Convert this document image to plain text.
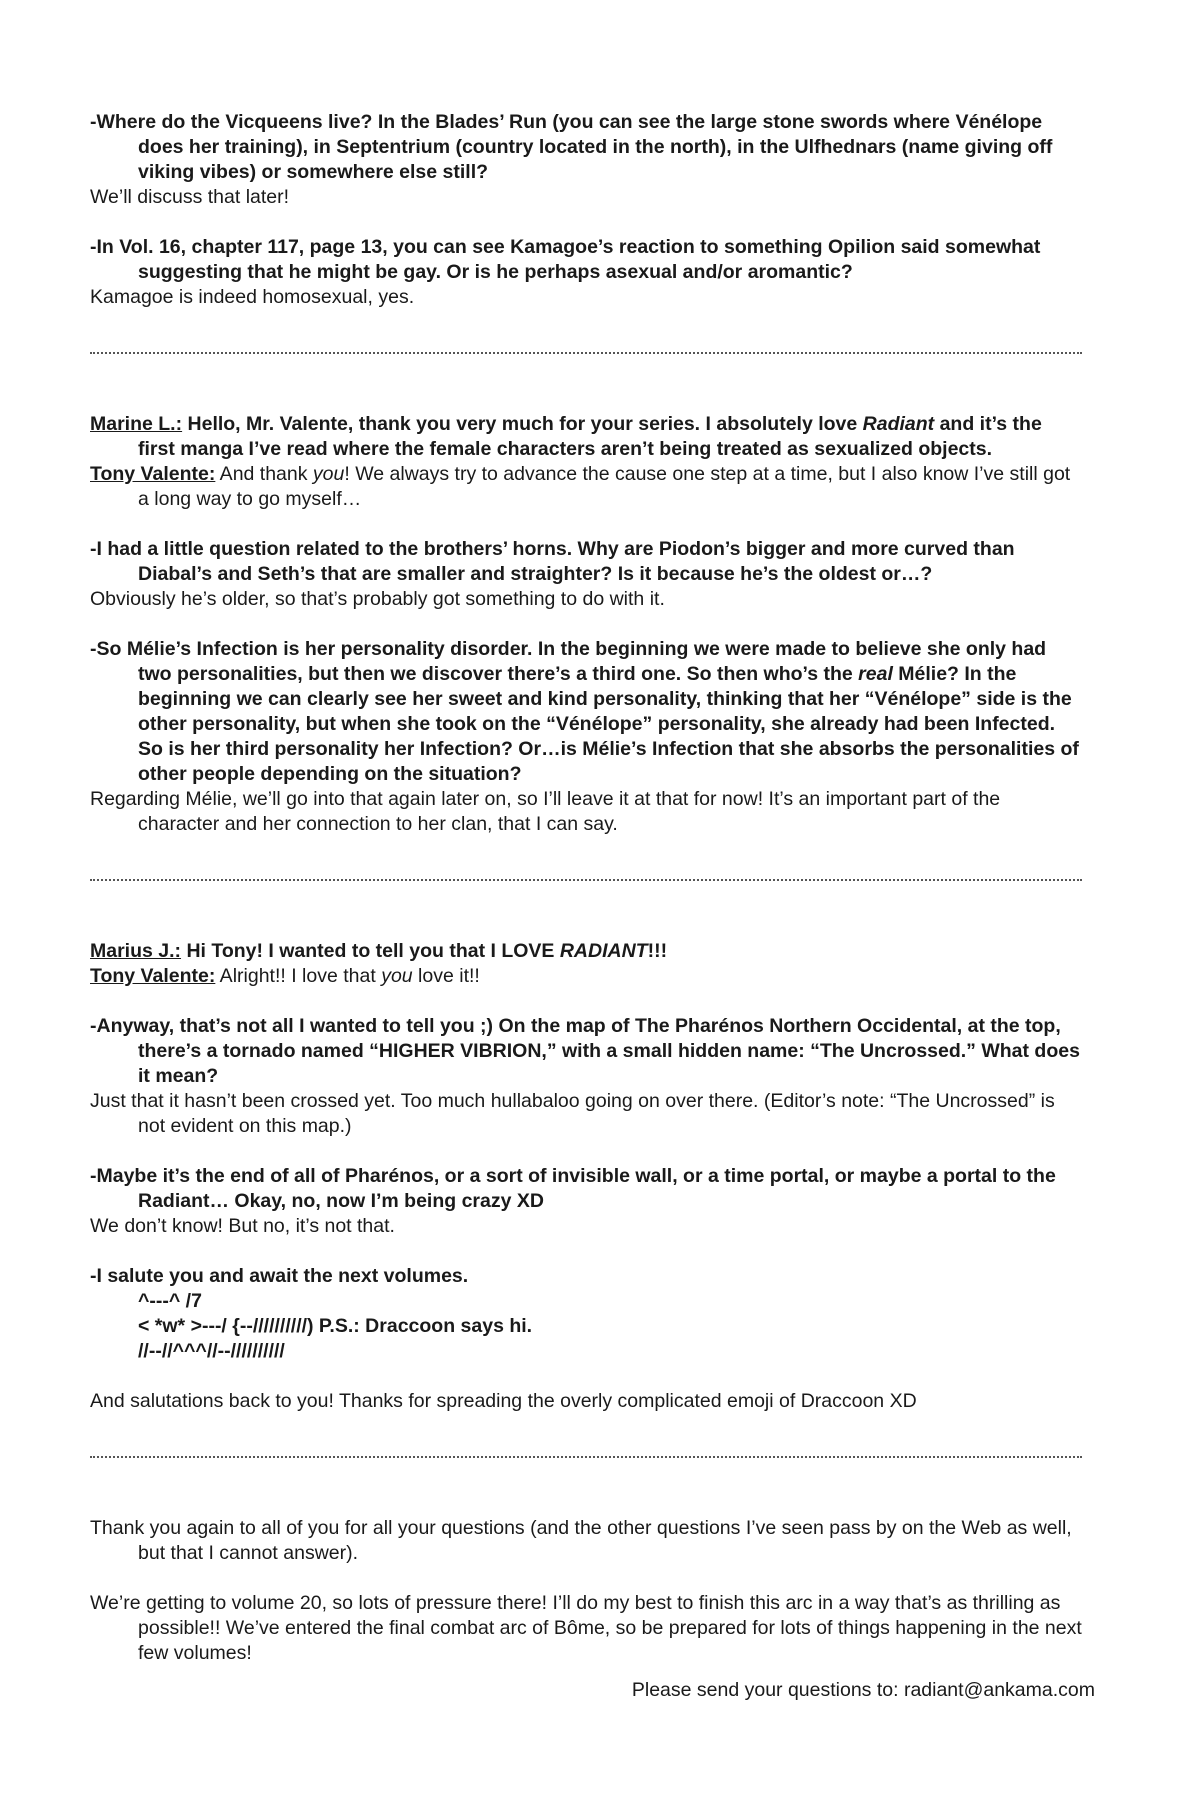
-Where do the Vicqueens live? In the Blades’ Run (you can see the large stone swords where Vénélope does her training), in Septentrium (country located in the north), in the Ulfhednars (name giving off viking vibes) or somewhere else still?

We’ll discuss that later!

-In Vol. 16, chapter 117, page 13, you can see Kamagoe’s reaction to something Opilion said somewhat suggesting that he might be gay. Or is he perhaps asexual and/or aromantic?

Kamagoe is indeed homosexual, yes.

Marine L.: Hello, Mr. Valente, thank you very much for your series. I absolutely love Radiant and it’s the first manga I’ve read where the female characters aren’t being treated as sexualized objects.

Tony Valente: And thank you! We always try to advance the cause one step at a time, but I also know I’ve still got a long way to go myself…

-I had a little question related to the brothers’ horns. Why are Piodon’s bigger and more curved than Diabal’s and Seth’s that are smaller and straighter? Is it because he’s the oldest or…?

Obviously he’s older, so that’s probably got something to do with it.

-So Mélie’s Infection is her personality disorder. In the beginning we were made to believe she only had two personalities, but then we discover there’s a third one. So then who’s the real Mélie? In the beginning we can clearly see her sweet and kind personality, thinking that her “Vénélope” side is the other personality, but when she took on the “Vénélope” personality, she already had been Infected. So is her third personality her Infection? Or…is Mélie’s Infection that she absorbs the personalities of other people depending on the situation?

Regarding Mélie, we’ll go into that again later on, so I’ll leave it at that for now! It’s an important part of the character and her connection to her clan, that I can say.

Marius J.: Hi Tony! I wanted to tell you that I LOVE RADIANT!!!

Tony Valente: Alright!! I love that you love it!!

-Anyway, that’s not all I wanted to tell you ;) On the map of The Pharénos Northern Occidental, at the top, there’s a tornado named “HIGHER VIBRION,” with a small hidden name: “The Uncrossed.” What does it mean?

Just that it hasn’t been crossed yet. Too much hullabaloo going on over there. (Editor’s note: “The Uncrossed” is not evident on this map.)

-Maybe it’s the end of all of Pharénos, or a sort of invisible wall, or a time portal, or maybe a portal to the Radiant… Okay, no, now I’m being crazy XD

We don’t know! But no, it’s not that.

-I salute you and await the next volumes.

^---^ /7
< *w* >---/ {--//////////) P.S.: Draccoon says hi.
//--//^^^//--//////////

And salutations back to you! Thanks for spreading the overly complicated emoji of Draccoon XD

Thank you again to all of you for all your questions (and the other questions I’ve seen pass by on the Web as well, but that I cannot answer).

We’re getting to volume 20, so lots of pressure there! I’ll do my best to finish this arc in a way that’s as thrilling as possible!! We’ve entered the final combat arc of Bôme, so be prepared for lots of things happening in the next few volumes!

Please send your questions to: radiant@ankama.com
